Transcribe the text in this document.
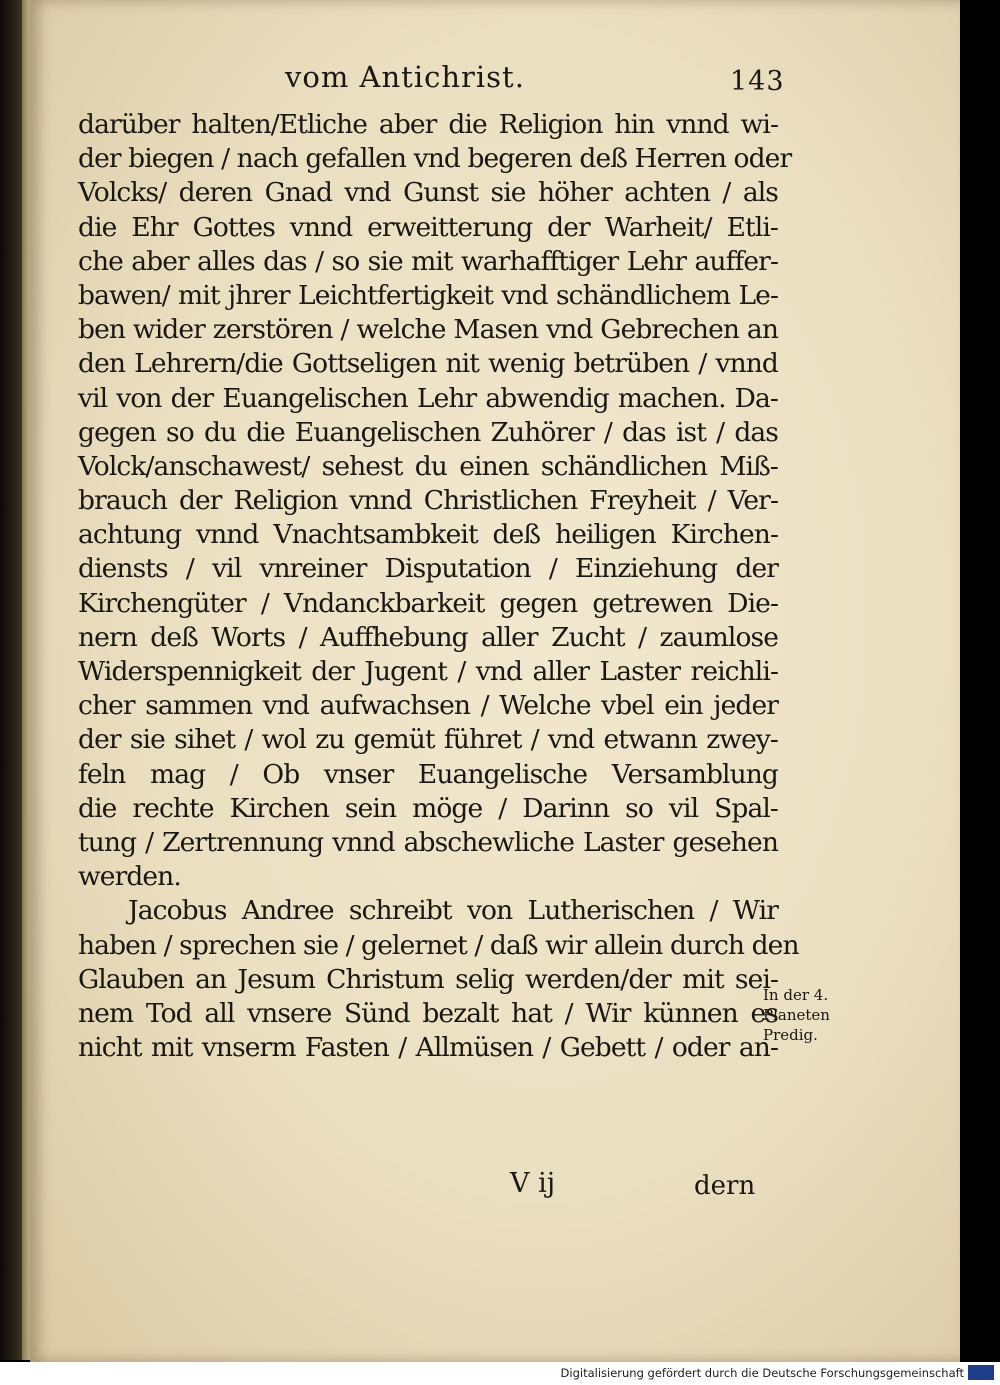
vom Antichrist.	143
darüber halten/Etliche aber die Religion hin vnnd wi-
der biegen / nach gefallen vnd begeren deß Herren oder
Volcks/ deren Gnad vnd Gunst sie höher achten / als
die Ehr Gottes vnnd erweitterung der Warheit/ Etli-
che aber alles das / so sie mit warhafftiger Lehr auffer-
bawen/ mit jhrer Leichtfertigkeit vnd schändlichem Le-
ben wider zerstören / welche Masen vnd Gebrechen an
den Lehrern/die Gottseligen nit wenig betrüben / vnnd
vil von der Euangelischen Lehr abwendig machen. Da-
gegen so du die Euangelischen Zuhörer / das ist / das
Volck/anschawest/ sehest du einen schändlichen Miß-
brauch der Religion vnnd Christlichen Freyheit / Ver-
achtung vnnd Vnachtsambkeit deß heiligen Kirchen-
diensts / vil vnreiner Disputation / Einziehung der
Kirchengüter / Vndanckbarkeit gegen getrewen Die-
nern deß Worts / Auffhebung aller Zucht / zaumlose
Widerspennigkeit der Jugent / vnd aller Laster reichli-
cher sammen vnd aufwachsen / Welche vbel ein jeder
der sie sihet / wol zu gemüt führet / vnd etwann zwey-
feln mag / Ob vnser Euangelische Versamblung
die rechte Kirchen sein möge / Darinn so vil Spal-
tung / Zertrennung vnnd abschewliche Laster gesehen
werden.
Jacobus Andree schreibt von Lutherischen / Wir
haben / sprechen sie / gelernet / daß wir allein durch den
Glauben an Jesum Christum selig werden/der mit sei-
nem Tod all vnsere Sünd bezalt hat / Wir künnen es
nicht mit vnserm Fasten / Allmüsen / Gebett / oder an-
In der 4.
Planeten
Predig.
V ij	dern
Digitalisierung gefördert durch die Deutsche Forschungsgemeinschaft
